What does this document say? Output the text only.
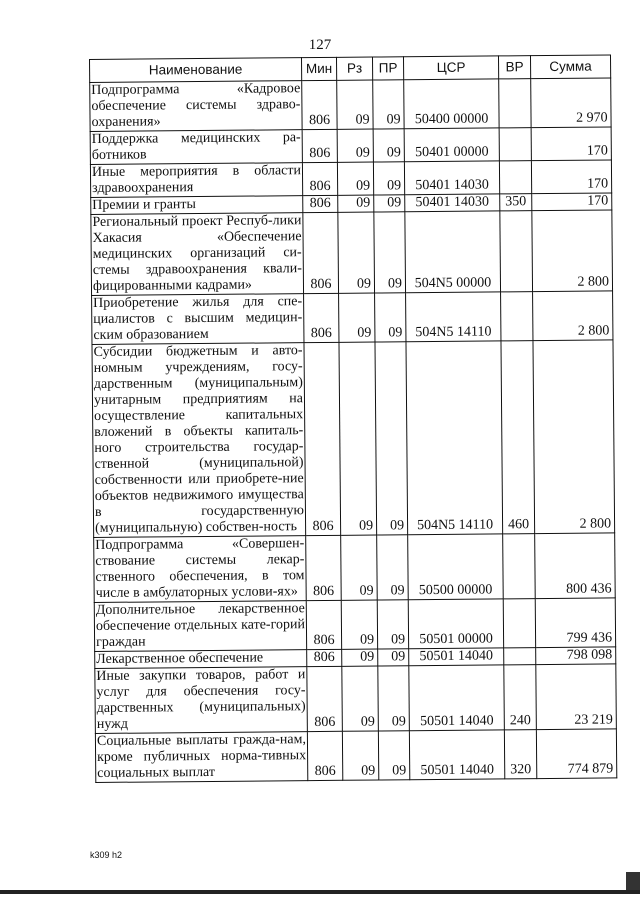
127
Наименование	Мин	Рз	ПР	ЦСР	ВР	Сумма
Подпрограмма «Кадровое обеспечение системы здраво-охранения»	806	09	09	50400 00000		2 970
Поддержка медицинских ра-ботников	806	09	09	50401 00000		170
Иные мероприятия в области здравоохранения	806	09	09	50401 14030		170
Премии и гранты	806	09	09	50401 14030	350	170
Региональный проект Респуб-лики Хакасия «Обеспечение медицинских организаций си-стемы здравоохранения квали-фицированными кадрами»	806	09	09	504N5 00000		2 800
Приобретение жилья для спе-циалистов с высшим медицин-ским образованием	806	09	09	504N5 14110		2 800
Субсидии бюджетным и авто-номным учреждениям, госу-дарственным (муниципальным) унитарным предприятиям на осуществление капитальных вложений в объекты капиталь-ного строительства государ-ственной (муниципальной) собственности или приобрете-ние объектов недвижимого имущества в государственную (муниципальную) собствен-ность	806	09	09	504N5 14110	460	2 800
Подпрограмма «Совершен-ствование системы лекар-ственного обеспечения, в том числе в амбулаторных услови-ях»	806	09	09	50500 00000		800 436
Дополнительное лекарственное обеспечение отдельных кате-горий граждан	806	09	09	50501 00000		799 436
Лекарственное обеспечение	806	09	09	50501 14040		798 098
Иные закупки товаров, работ и услуг для обеспечения госу-дарственных (муниципальных) нужд	806	09	09	50501 14040	240	23 219
Социальные выплаты гражда-нам, кроме публичных норма-тивных социальных выплат	806	09	09	50501 14040	320	774 879
k309 h2
